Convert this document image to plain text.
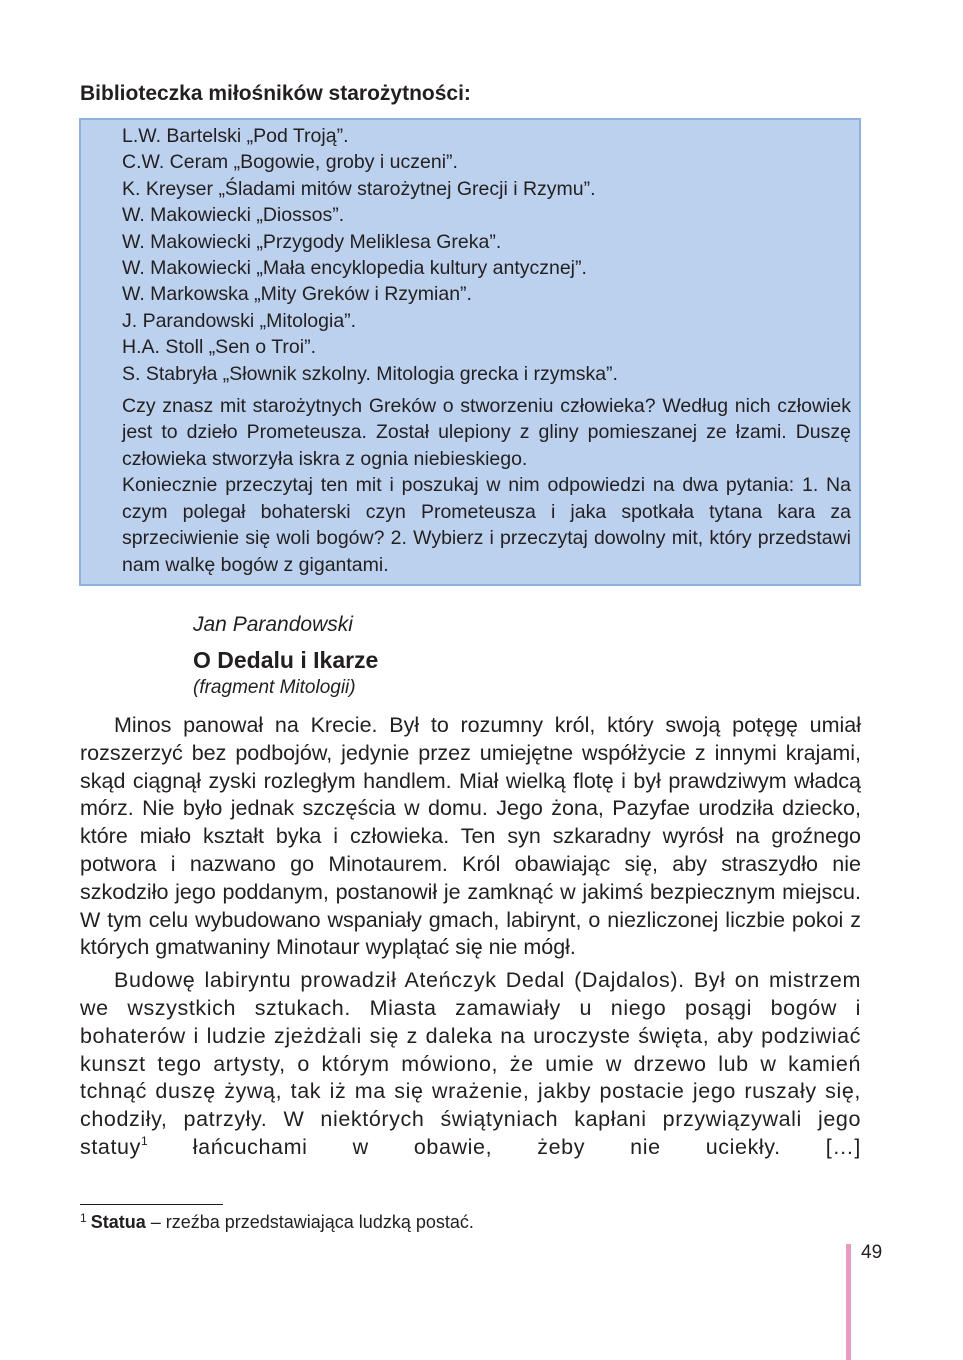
Biblioteczka miłośników starożytności:
L.W. Bartelski „Pod Troją”.
C.W. Ceram „Bogowie, groby i uczeni”.
K. Kreyser „Śladami mitów starożytnej Grecji i Rzymu”.
W. Makowiecki „Diossos”.
W. Makowiecki „Przygody Meliklesa Greka”.
W. Makowiecki „Mała encyklopedia kultury antycznej”.
W. Markowska „Mity Greków i Rzymian”.
J. Parandowski „Mitologia”.
H.A. Stoll „Sen o Troi”.
S. Stabryła „Słownik szkolny. Mitologia grecka i rzymska”.

Czy znasz mit starożytnych Greków o stworzeniu człowieka? Według nich człowiek jest to dzieło Prometeusza. Został ulepiony z gliny pomieszanej ze łzami. Duszę człowieka stworzyła iskra z ognia niebieskiego.

Koniecznie przeczytaj ten mit i poszukaj w nim odpowiedzi na dwa pytania: 1. Na czym polegał bohaterski czyn Prometeusza i jaka spotkała tytana kara za sprzeciwienie się woli bogów? 2. Wybierz i przeczytaj dowolny mit, który przedstawi nam walkę bogów z gigantami.

Jan Parandowski

O Dedalu i Ikarze

(fragment Mitologii)

Minos panował na Krecie. Był to rozumny król, który swoją potęgę umiał rozszerzyć bez podbojów, jedynie przez umiejętne współżycie z innymi krajami, skąd ciągnął zyski rozległym handlem. Miał wielką flotę i był prawdziwym władcą mórz. Nie było jednak szczęścia w domu. Jego żona, Pazyfae urodziła dziecko, które miało kształt byka i człowieka. Ten syn szkaradny wyrósł na groźnego potwora i nazwano go Minotaurem. Król obawiając się, aby straszydło nie szkodziło jego poddanym, postanowił je zamknąć w jakimś bezpiecznym miejscu. W tym celu wybudowano wspaniały gmach, labirynt, o niezliczonej liczbie pokoi z których gmatwaniny Minotaur wyplątać się nie mógł.

Budowę labiryntu prowadził Ateńczyk Dedal (Dajdalos). Był on mistrzem we wszystkich sztukach. Miasta zamawiały u niego posągi bogów i bohaterów i ludzie zjeżdżali się z daleka na uroczyste święta, aby podziwiać kunszt tego artysty, o którym mówiono, że umie w drzewo lub w kamień tchnąć duszę żywą, tak iż ma się wrażenie, jakby postacie jego ruszały się, chodziły, patrzyły. W niektórych świątyniach kapłani przywiązywali jego statuy$^1$ łańcuchami w obawie, żeby nie uciekły. […]

$^1$ Statua – rzeźba przedstawiająca ludzką postać.

49
